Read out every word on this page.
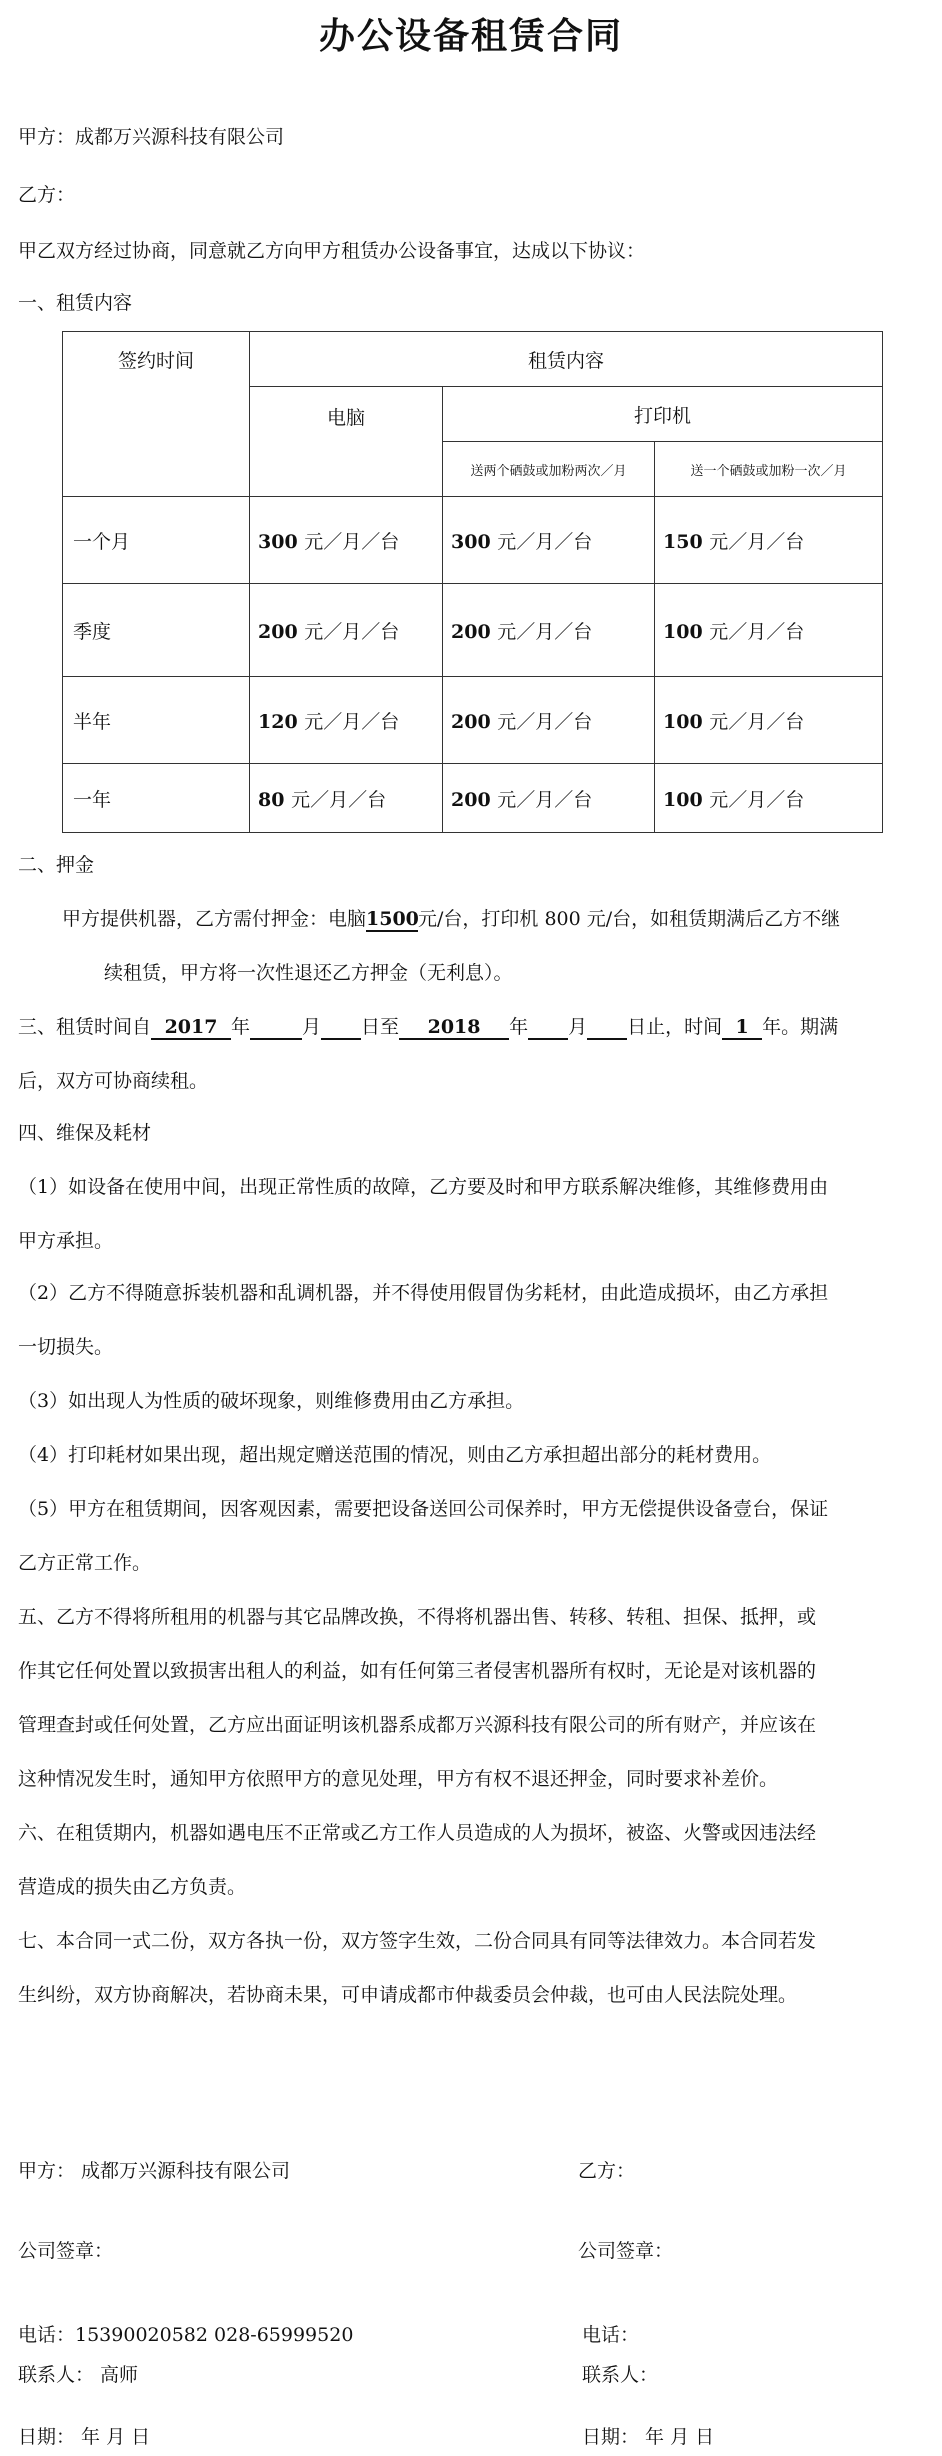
办公设备租赁合同
甲方：成都万兴源科技有限公司
乙方：
甲乙双方经过协商，同意就乙方向甲方租赁办公设备事宜，达成以下协议：
一、租赁内容
签约时间	租赁内容		
	电脑	打印机	
		送两个硒鼓或加粉两次／月	送一个硒鼓或加粉一次／月
一个月	300 元／月／台	300 元／月／台	150 元／月／台
季度	200 元／月／台	200 元／月／台	100 元／月／台
半年	120 元／月／台	200 元／月／台	100 元／月／台
一年	80 元／月／台	200 元／月／台	100 元／月／台
二、押金
甲方提供机器，乙方需付押金：电脑1500元/台，打印机 800 元/台，如租赁期满后乙方不继
续租赁，甲方将一次性退还乙方押金（无利息）。
三、租赁时间自 2017 年	月 日至 2018 年 月 日止，时间 1 年。期满
后，双方可协商续租。
四、维保及耗材
（1）如设备在使用中间，出现正常性质的故障，乙方要及时和甲方联系解决维修，其维修费用由
甲方承担。
（2）乙方不得随意拆装机器和乱调机器，并不得使用假冒伪劣耗材，由此造成损坏，由乙方承担
一切损失。
（3）如出现人为性质的破坏现象，则维修费用由乙方承担。
（4）打印耗材如果出现，超出规定赠送范围的情况，则由乙方承担超出部分的耗材费用。
（5）甲方在租赁期间，因客观因素，需要把设备送回公司保养时，甲方无偿提供设备壹台，保证
乙方正常工作。
五、乙方不得将所租用的机器与其它品牌改换，不得将机器出售、转移、转租、担保、抵押，或
作其它任何处置以致损害出租人的利益，如有任何第三者侵害机器所有权时，无论是对该机器的
管理查封或任何处置，乙方应出面证明该机器系成都万兴源科技有限公司的所有财产，并应该在
这种情况发生时，通知甲方依照甲方的意见处理，甲方有权不退还押金，同时要求补差价。
六、在租赁期内，机器如遇电压不正常或乙方工作人员造成的人为损坏，被盗、火警或因违法经
营造成的损失由乙方负责。
七、本合同一式二份，双方各执一份，双方签字生效，二份合同具有同等法律效力。本合同若发
生纠纷，双方协商解决，若协商未果，可申请成都市仲裁委员会仲裁，也可由人民法院处理。
甲方： 成都万兴源科技有限公司	乙方：
公司签章：	公司签章：
电话：15390020582 028-65999520	电话：
联系人： 高师	联系人：
日期： 年 月 日	日期： 年 月 日
